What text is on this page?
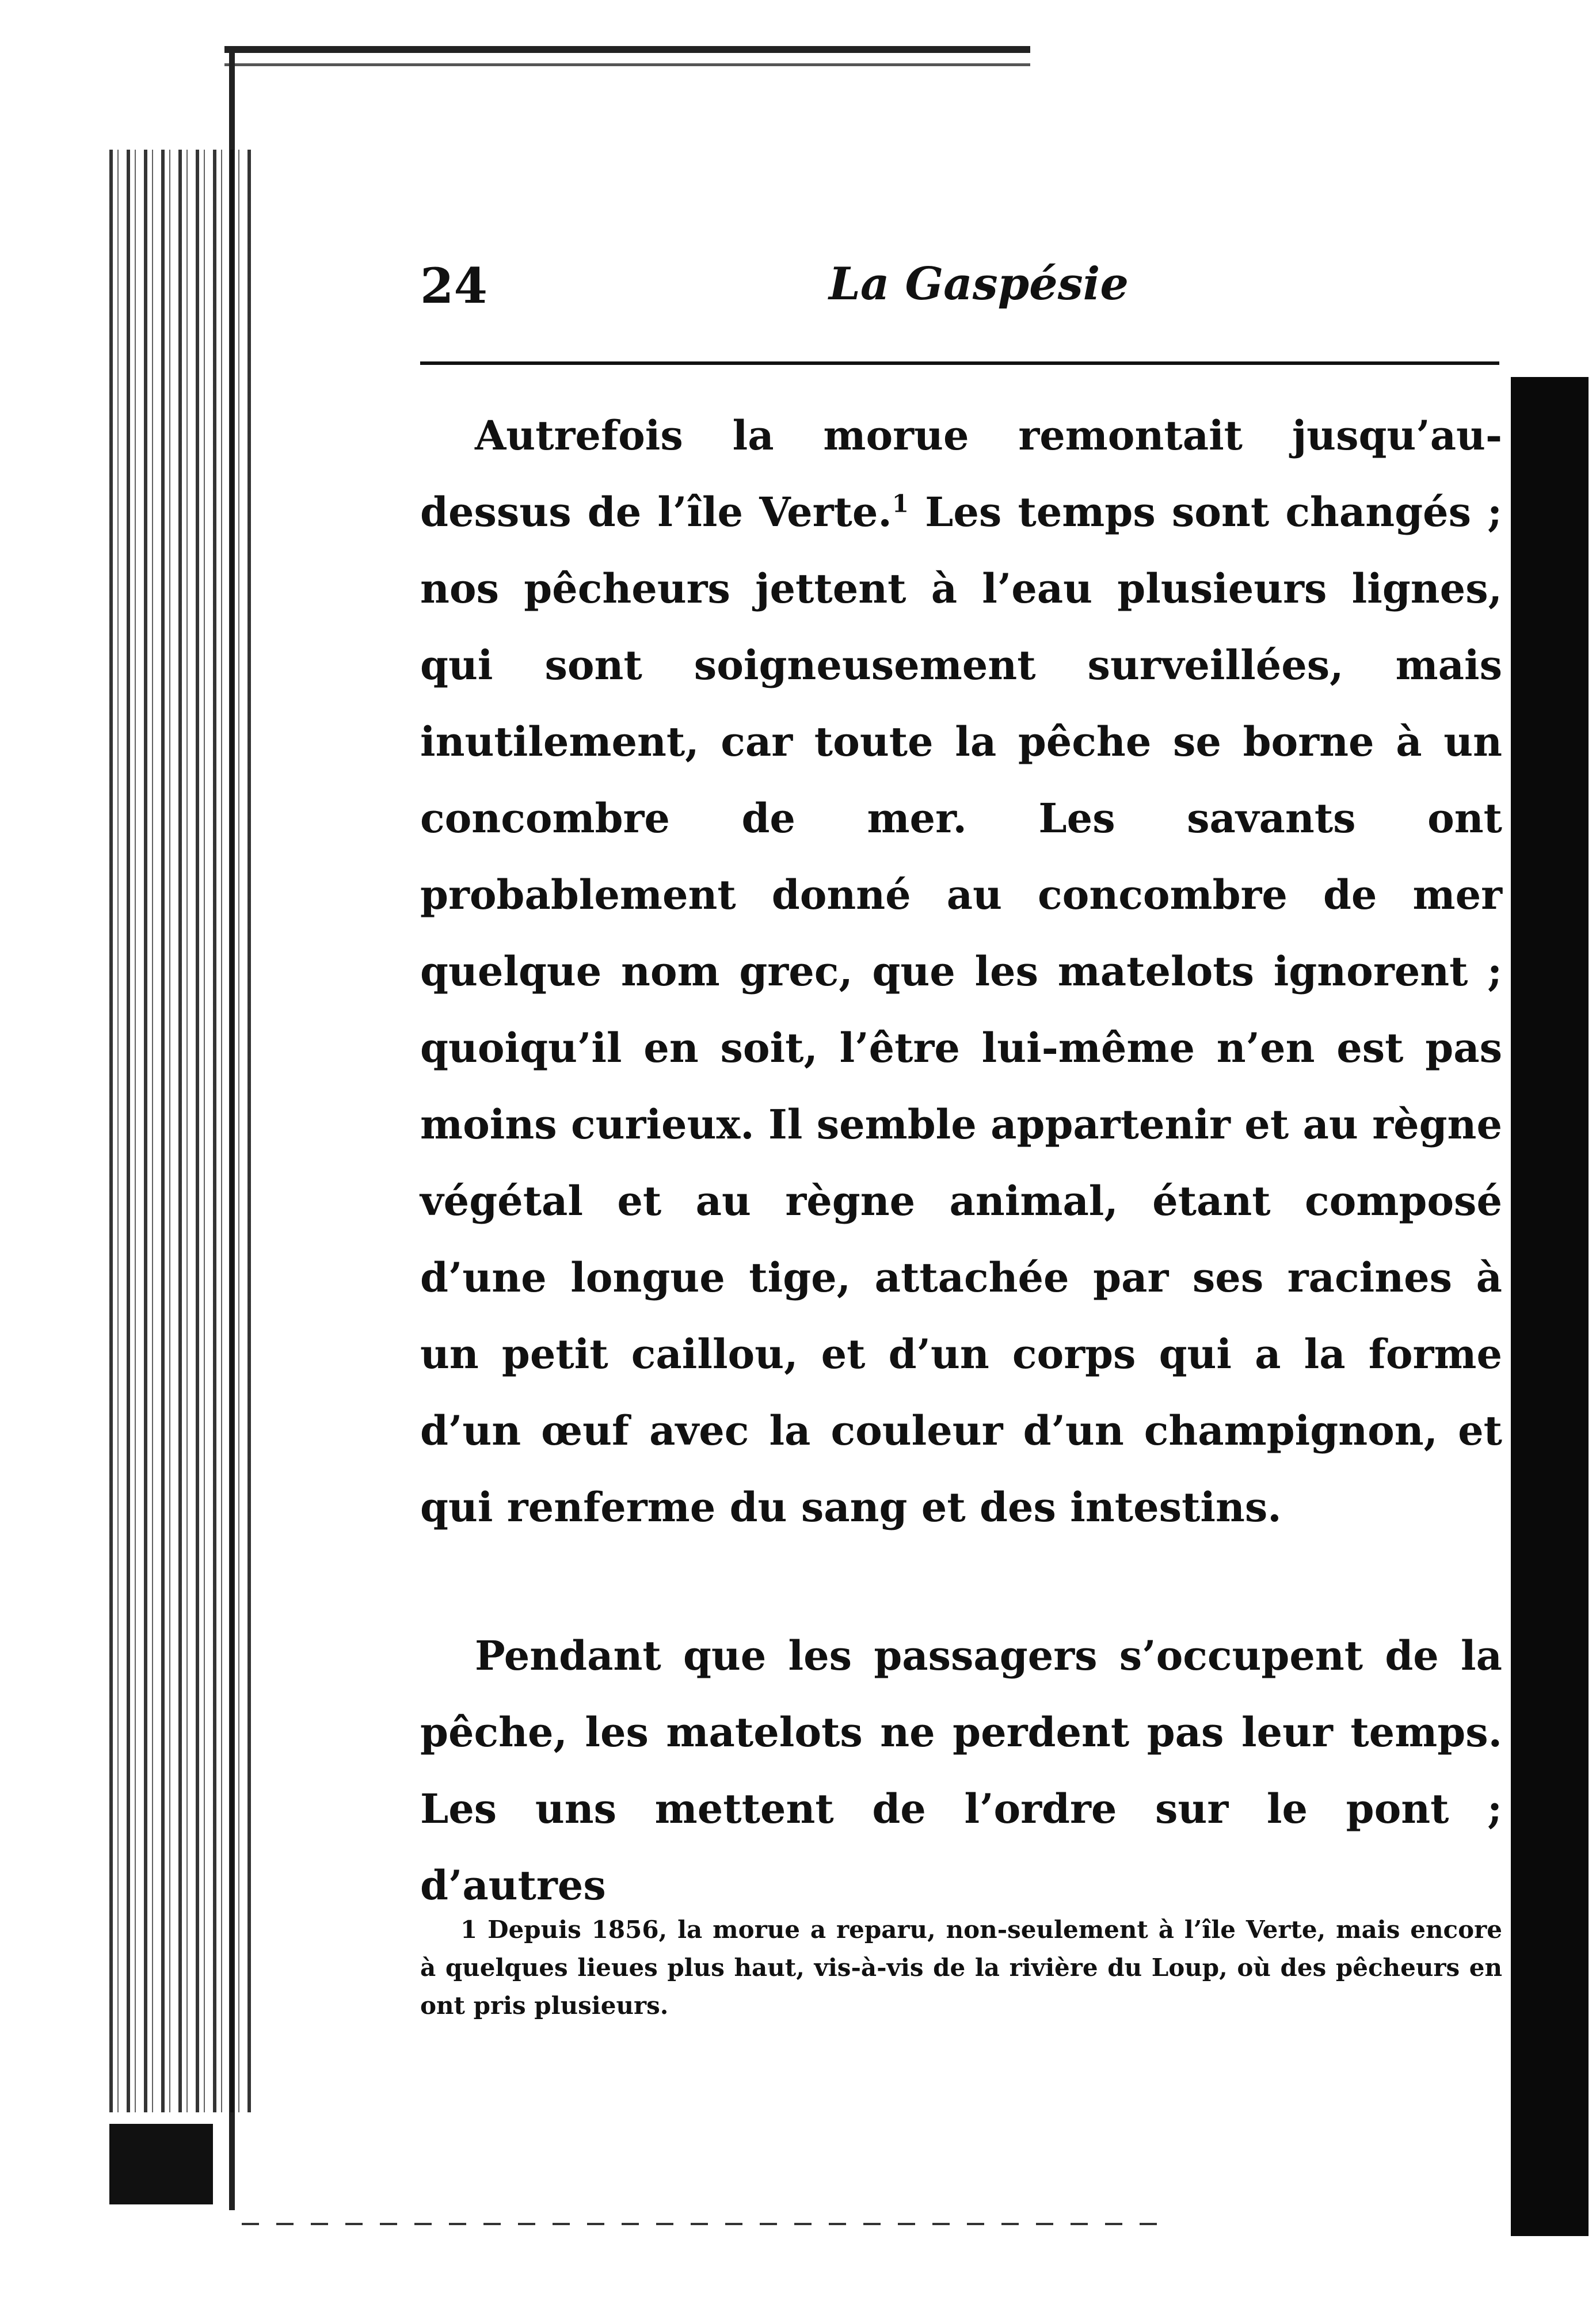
24	La Gaspésie

Autrefois la morue remontait jusqu’au-dessus de l’île Verte.$^1$ Les temps sont changés ; nos pêcheurs jettent à l’eau plusieurs lignes, qui sont soigneusement surveillées, mais inutilement, car toute la pêche se borne à un concombre de mer. Les savants ont probablement donné au concombre de mer quelque nom grec, que les matelots ignorent ; quoiqu’il en soit, l’être lui-même n’en est pas moins curieux. Il semble appartenir et au règne végétal et au règne animal, étant composé d’une longue tige, attachée par ses racines à un petit caillou, et d’un corps qui a la forme d’un œuf avec la couleur d’un champignon, et qui renferme du sang et des intestins.

Pendant que les passagers s’occupent de la pêche, les matelots ne perdent pas leur temps. Les uns mettent de l’ordre sur le pont ; d’autres

1 Depuis 1856, la morue a reparu, non-seulement à l’île Verte, mais encore à quelques lieues plus haut, vis-à-vis de la rivière du Loup, où des pêcheurs en ont pris plusieurs.
